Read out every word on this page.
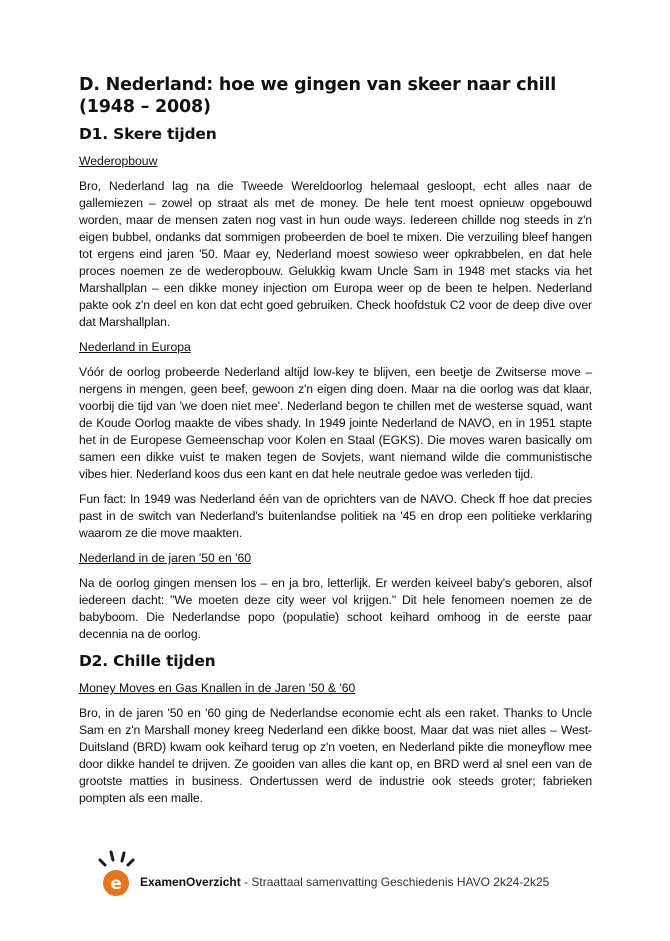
D. Nederland: hoe we gingen van skeer naar chill (1948 – 2008)
D1. Skere tijden
Wederopbouw

Bro, Nederland lag na die Tweede Wereldoorlog helemaal gesloopt, echt alles naar de gallemiezen – zowel op straat als met de money. De hele tent moest opnieuw opgebouwd worden, maar de mensen zaten nog vast in hun oude ways. Iedereen chillde nog steeds in z'n eigen bubbel, ondanks dat sommigen probeerden de boel te mixen. Die verzuiling bleef hangen tot ergens eind jaren '50. Maar ey, Nederland moest sowieso weer opkrabbelen, en dat hele proces noemen ze de wederopbouw. Gelukkig kwam Uncle Sam in 1948 met stacks via het Marshallplan – een dikke money injection om Europa weer op de been te helpen. Nederland pakte ook z'n deel en kon dat echt goed gebruiken. Check hoofdstuk C2 voor de deep dive over dat Marshallplan.

Nederland in Europa

Vóór de oorlog probeerde Nederland altijd low-key te blijven, een beetje de Zwitserse move – nergens in mengen, geen beef, gewoon z'n eigen ding doen. Maar na die oorlog was dat klaar, voorbij die tijd van 'we doen niet mee'. Nederland begon te chillen met de westerse squad, want de Koude Oorlog maakte de vibes shady. In 1949 jointe Nederland de NAVO, en in 1951 stapte het in de Europese Gemeenschap voor Kolen en Staal (EGKS). Die moves waren basically om samen een dikke vuist te maken tegen de Sovjets, want niemand wilde die communistische vibes hier. Nederland koos dus een kant en dat hele neutrale gedoe was verleden tijd.

Fun fact: In 1949 was Nederland één van de oprichters van de NAVO. Check ff hoe dat precies past in de switch van Nederland's buitenlandse politiek na '45 en drop een politieke verklaring waarom ze die move maakten.

Nederland in de jaren '50 en '60

Na de oorlog gingen mensen los – en ja bro, letterlijk. Er werden keiveel baby's geboren, alsof iedereen dacht: "We moeten deze city weer vol krijgen." Dit hele fenomeen noemen ze de babyboom. Die Nederlandse popo (populatie) schoot keihard omhoog in de eerste paar decennia na de oorlog.

D2. Chille tijden
Money Moves en Gas Knallen in de Jaren '50 & '60

Bro, in de jaren '50 en '60 ging de Nederlandse economie echt als een raket. Thanks to Uncle Sam en z'n Marshall money kreeg Nederland een dikke boost. Maar dat was niet alles – West-Duitsland (BRD) kwam ook keihard terug op z'n voeten, en Nederland pikte die moneyflow mee door dikke handel te drijven. Ze gooiden van alles die kant op, en BRD werd al snel een van de grootste matties in business. Ondertussen werd de industrie ook steeds groter; fabrieken pompten als een malle.

e ExamenOverzicht - Straattaal samenvatting Geschiedenis HAVO 2k24-2k25
